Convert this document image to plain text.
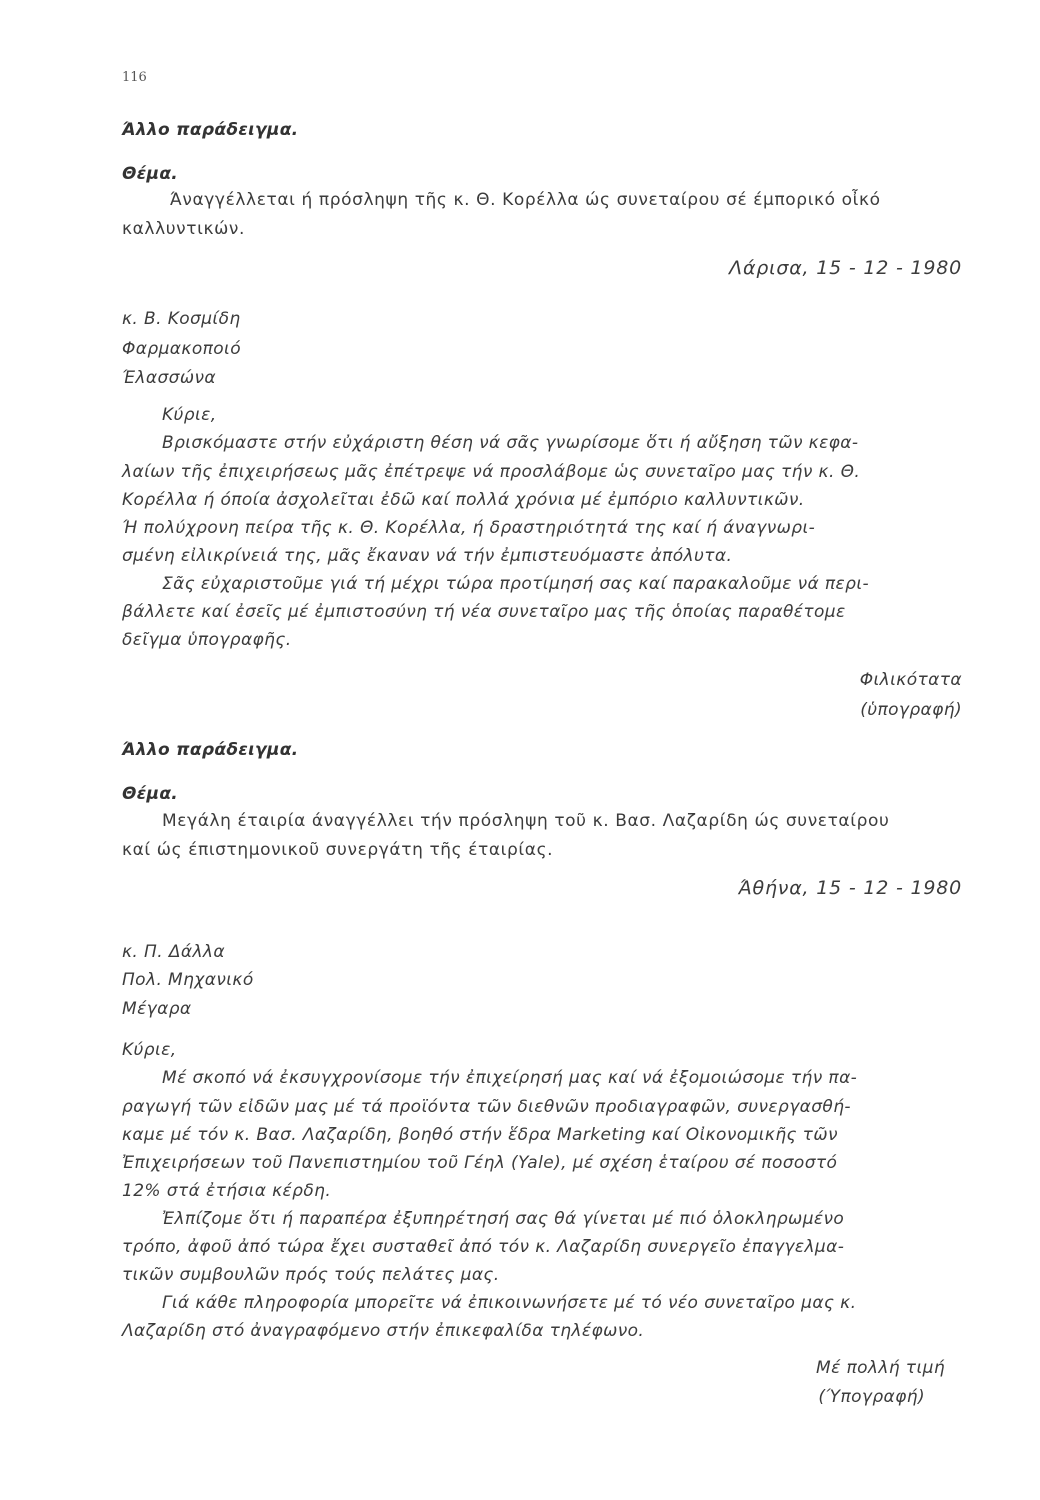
116
Άλλο παράδειγμα.
Θέμα.
Άναγγέλλεται ή πρόσληψη τῆς κ. Θ. Κορέλλα ώς συνεταίρου σέ έμπορικό οἶκό
καλλυντικών.
Λάρισα, 15 - 12 - 1980
κ. Β. Κοσμίδη
Φαρμακοποιό
Έλασσώνα
Κύριε,
Βρισκόμαστε στήν εὐχάριστη θέση νά σᾶς γνωρίσομε ὅτι ή αὔξηση τῶν κεφα-
λαίων τῆς ἐπιχειρήσεως μᾶς ἐπέτρεψε νά προσλάβομε ὡς συνεταῖρο μας τήν κ. Θ.
Κορέλλα ή όποία ἀσχολεῖται ἐδῶ καί πολλά χρόνια μέ ἐμπόριο καλλυντικῶν.
Ή πολύχρονη πείρα τῆς κ. Θ. Κορέλλα, ή δραστηριότητά της καί ή άναγνωρι-
σμένη εἰλικρίνειά της, μᾶς ἔκαναν νά τήν ἐμπιστευόμαστε ἀπόλυτα.
Σᾶς εὐχαριστοῦμε γιά τή μέχρι τώρα προτίμησή σας καί παρακαλοῦμε νά περι-
βάλλετε καί ἐσεῖς μέ ἐμπιστοσύνη τή νέα συνεταῖρο μας τῆς ὁποίας παραθέτομε
δεῖγμα ὑπογραφῆς.
Φιλικότατα
(ὑπογραφή)
Άλλο παράδειγμα.
Θέμα.
Μεγάλη έταιρία άναγγέλλει τήν πρόσληψη τοῦ κ. Βασ. Λαζαρίδη ώς συνεταίρου
καί ώς έπιστημονικοῦ συνεργάτη τῆς έταιρίας.
Άθήνα, 15 - 12 - 1980
κ. Π. Δάλλα
Πολ. Μηχανικό
Μέγαρα
Κύριε,
Μέ σκοπό νά ἐκσυγχρονίσομε τήν ἐπιχείρησή μας καί νά ἐξομοιώσομε τήν πα-
ραγωγή τῶν εἰδῶν μας μέ τά προϊόντα τῶν διεθνῶν προδιαγραφῶν, συνεργασθή-
καμε μέ τόν κ. Βασ. Λαζαρίδη, βοηθό στήν ἕδρα Marketing καί Οἰκονομικῆς τῶν
Ἐπιχειρήσεων τοῦ Πανεπιστημίου τοῦ Γέηλ (Yale), μέ σχέση ἑταίρου σέ ποσοστό
12% στά ἐτήσια κέρδη.
Ἐλπίζομε ὅτι ή παραπέρα ἐξυπηρέτησή σας θά γίνεται μέ πιό ὁλοκληρωμένο
τρόπο, ἀφοῦ ἀπό τώρα ἔχει συσταθεῖ ἀπό τόν κ. Λαζαρίδη συνεργεῖο ἐπαγγελμα-
τικῶν συμβουλῶν πρός τούς πελάτες μας.
Γιά κάθε πληροφορία μπορεῖτε νά ἐπικοινωνήσετε μέ τό νέο συνεταῖρο μας κ.
Λαζαρίδη στό ἀναγραφόμενο στήν ἐπικεφαλίδα τηλέφωνο.
Μέ πολλή τιμή
(Ύπογραφή)
